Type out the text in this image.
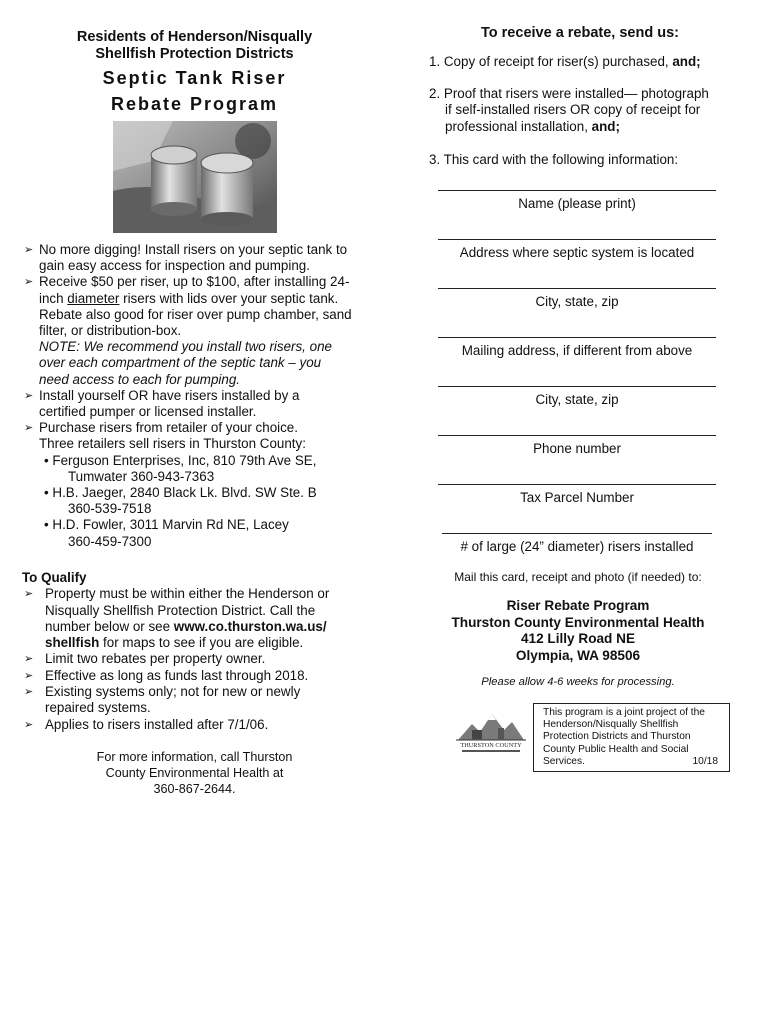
Residents of Henderson/Nisqually
Shellfish Protection Districts
Septic Tank Riser
Rebate Program
➢ No more digging! Install risers on your septic tank to
gain easy access for inspection and pumping.
➢ Receive $50 per riser, up to $100, after installing 24-
inch diameter risers with lids over your septic tank.
Rebate also good for riser over pump chamber, sand
filter, or distribution-box.
NOTE: We recommend you install two risers, one
over each compartment of the septic tank – you
need access to each for pumping.
➢ Install yourself OR have risers installed by a
certified pumper or licensed installer.
➢ Purchase risers from retailer of your choice.
Three retailers sell risers in Thurston County:
• Ferguson Enterprises, Inc, 810 79th Ave SE,
Tumwater 360-943-7363
• H.B. Jaeger, 2840 Black Lk. Blvd. SW Ste. B
360-539-7518
• H.D. Fowler, 3011 Marvin Rd NE, Lacey
360-459-7300
To Qualify
➢ Property must be within either the Henderson or
Nisqually Shellfish Protection District. Call the
number below or see www.co.thurston.wa.us/
shellfish for maps to see if you are eligible.
➢ Limit two rebates per property owner.
➢ Effective as long as funds last through 2018.
➢ Existing systems only; not for new or newly
repaired systems.
➢ Applies to risers installed after 7/1/06.
For more information, call Thurston
County Environmental Health at
360-867-2644.
To receive a rebate, send us:
1. Copy of receipt for riser(s) purchased, and;
2. Proof that risers were installed— photograph
if self-installed risers OR copy of receipt for
professional installation, and;
3. This card with the following information:
Name (please print)
Address where septic system is located
City, state, zip
Mailing address, if different from above
City, state, zip
Phone number
Tax Parcel Number
# of large (24” diameter) risers installed
Mail this card, receipt and photo (if needed) to:
Riser Rebate Program
Thurston County Environmental Health
412 Lilly Road NE
Olympia, WA 98506
Please allow 4-6 weeks for processing.
THURSTON COUNTY
This program is a joint project of the
Henderson/Nisqually Shellfish
Protection Districts and Thurston
County Public Health and Social
Services.	10/18
